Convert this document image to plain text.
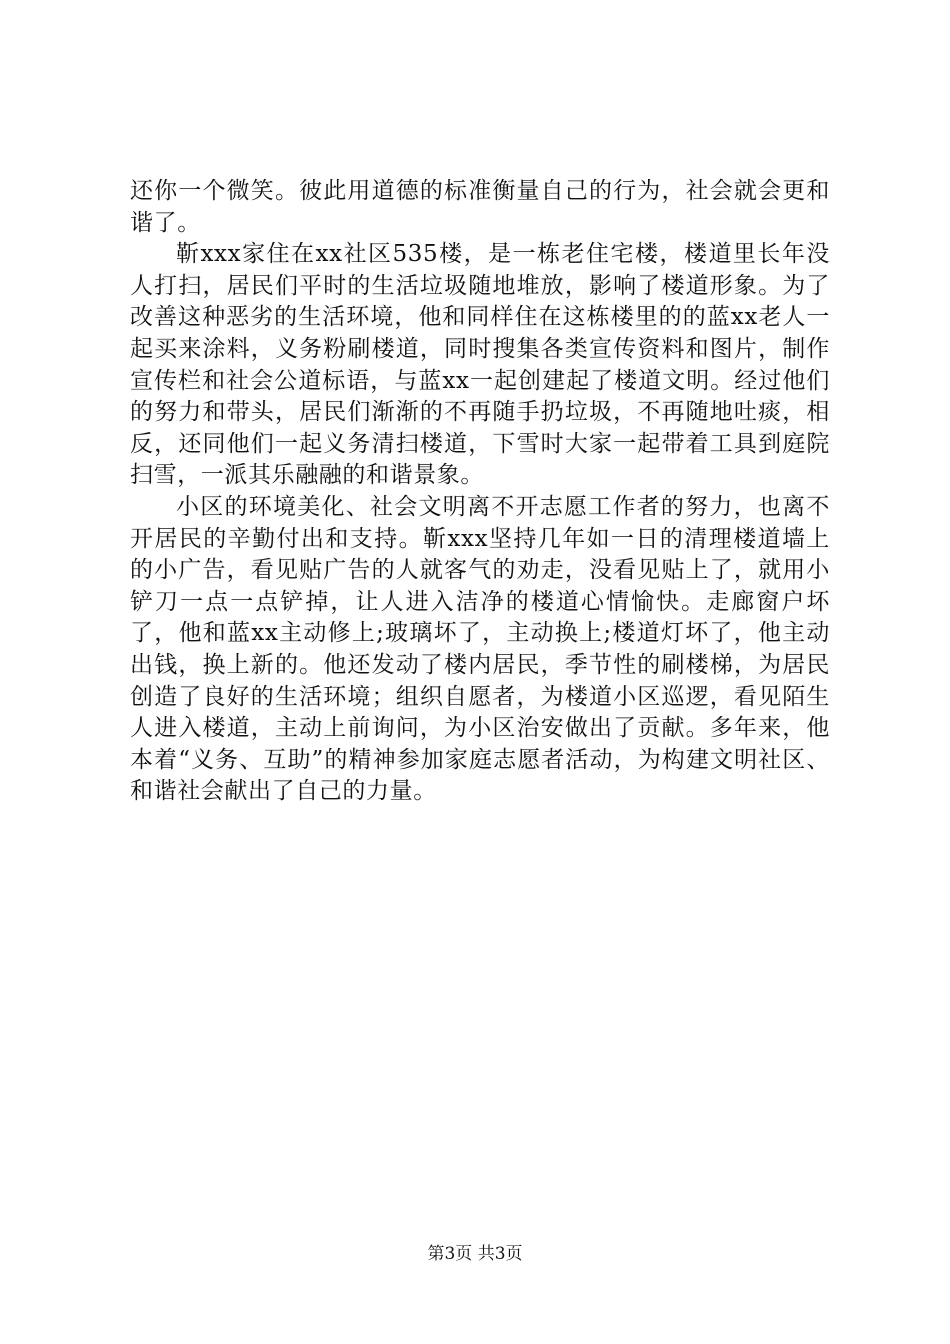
还你一个微笑。彼此用道德的标准衡量自己的行为，社会就会更和谐了。

靳xxx家住在xx社区535楼，是一栋老住宅楼，楼道里长年没人打扫，居民们平时的生活垃圾随地堆放，影响了楼道形象。为了改善这种恶劣的生活环境，他和同样住在这栋楼里的的蓝xx老人一起买来涂料，义务粉刷楼道，同时搜集各类宣传资料和图片，制作宣传栏和社会公道标语，与蓝xx一起创建起了楼道文明。经过他们的努力和带头，居民们渐渐的不再随手扔垃圾，不再随地吐痰，相反，还同他们一起义务清扫楼道，下雪时大家一起带着工具到庭院扫雪，一派其乐融融的和谐景象。

小区的环境美化、社会文明离不开志愿工作者的努力，也离不开居民的辛勤付出和支持。靳xxx坚持几年如一日的清理楼道墙上的小广告，看见贴广告的人就客气的劝走，没看见贴上了，就用小铲刀一点一点铲掉，让人进入洁净的楼道心情愉快。走廊窗户坏了，他和蓝xx主动修上;玻璃坏了，主动换上;楼道灯坏了，他主动出钱，换上新的。他还发动了楼内居民，季节性的刷楼梯，为居民创造了良好的生活环境；组织自愿者，为楼道小区巡逻，看见陌生人进入楼道，主动上前询问，为小区治安做出了贡献。多年来，他本着“义务、互助”的精神参加家庭志愿者活动，为构建文明社区、和谐社会献出了自己的力量。

第3页 共3页
